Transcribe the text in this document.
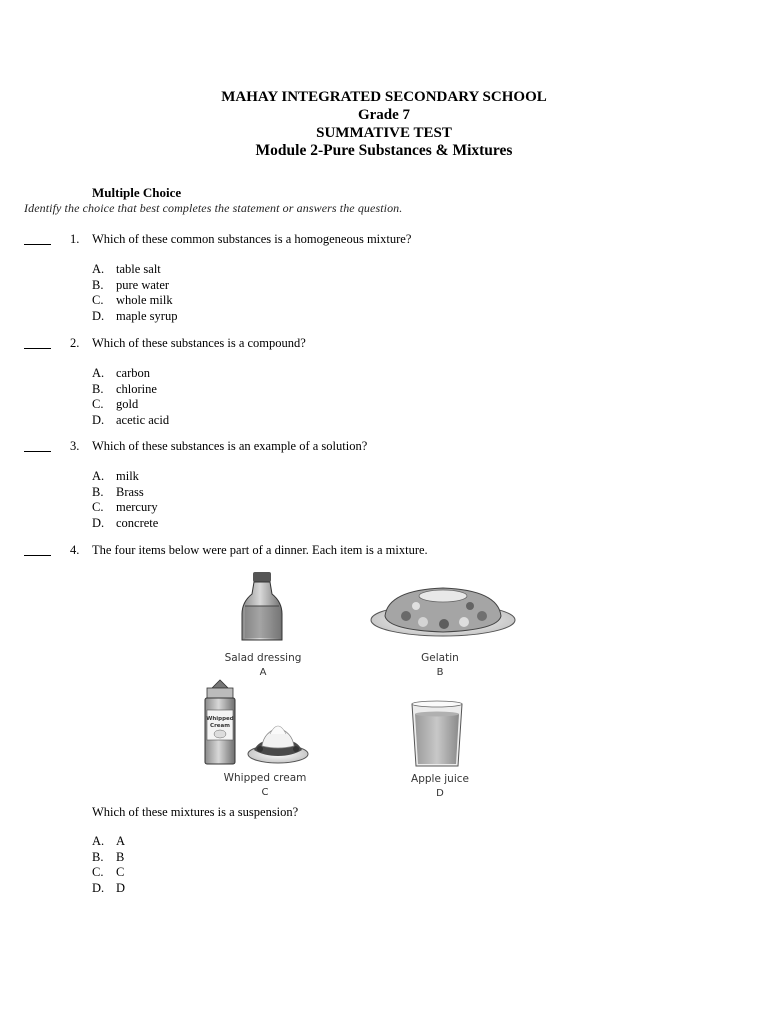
MAHAY INTEGRATED SECONDARY SCHOOL
Grade 7
SUMMATIVE TEST
Module 2-Pure Substances & Mixtures
Multiple Choice
Identify the choice that best completes the statement or answers the question.
1. Which of these common substances is a homogeneous mixture?
A. table salt
B. pure water
C. whole milk
D. maple syrup
2. Which of these substances is a compound?
A. carbon
B. chlorine
C. gold
D. acetic acid
3. Which of these substances is an example of a solution?
A. milk
B. Brass
C. mercury
D. concrete
4. The four items below were part of a dinner. Each item is a mixture.
Whipped
Cream
Salad dressing
A
Gelatin
B
Whipped cream
C
Apple juice
D
Which of these mixtures is a suspension?
A. A
B. B
C. C
D. D
